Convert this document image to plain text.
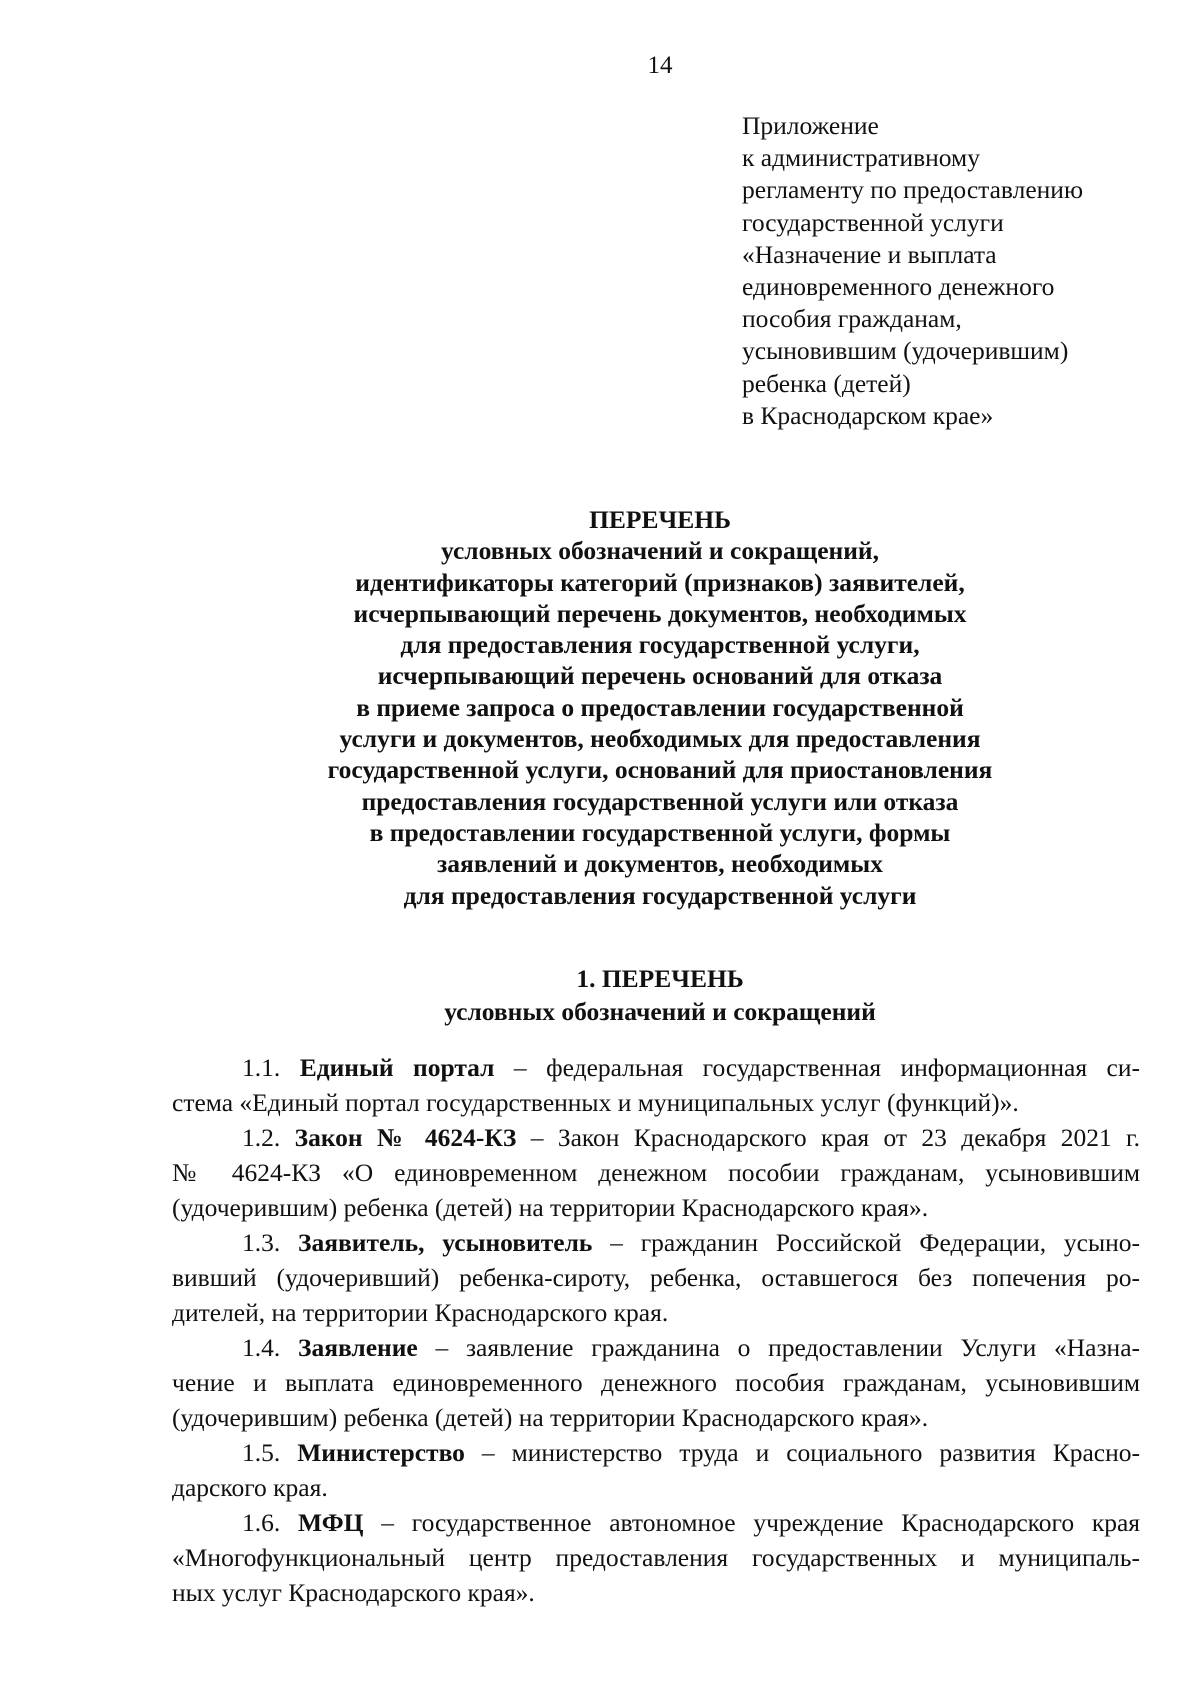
14
Приложение
к административному
регламенту по предоставлению
государственной услуги
«Назначение и выплата
единовременного денежного
пособия гражданам,
усыновившим (удочерившим)
ребенка (детей)
в Краснодарском крае»
ПЕРЕЧЕНЬ
условных обозначений и сокращений,
идентификаторы категорий (признаков) заявителей,
исчерпывающий перечень документов, необходимых
для предоставления государственной услуги,
исчерпывающий перечень оснований для отказа
в приеме запроса о предоставлении государственной
услуги и документов, необходимых для предоставления
государственной услуги, оснований для приостановления
предоставления государственной услуги или отказа
в предоставлении государственной услуги, формы
заявлений и документов, необходимых
для предоставления государственной услуги
1. ПЕРЕЧЕНЬ
условных обозначений и сокращений
1.1. Единый портал – федеральная государственная информационная си-
стема «Единый портал государственных и муниципальных услуг (функций)».
1.2. Закон № 4624-КЗ – Закон Краснодарского края от 23 декабря 2021 г.
№ 4624-КЗ «О единовременном денежном пособии гражданам, усыновившим
(удочерившим) ребенка (детей) на территории Краснодарского края».
1.3. Заявитель, усыновитель – гражданин Российской Федерации, усыно-
вивший (удочеривший) ребенка-сироту, ребенка, оставшегося без попечения ро-
дителей, на территории Краснодарского края.
1.4. Заявление – заявление гражданина о предоставлении Услуги «Назна-
чение и выплата единовременного денежного пособия гражданам, усыновившим
(удочерившим) ребенка (детей) на территории Краснодарского края».
1.5. Министерство – министерство труда и социального развития Красно-
дарского края.
1.6. МФЦ – государственное автономное учреждение Краснодарского края
«Многофункциональный центр предоставления государственных и муниципаль-
ных услуг Краснодарского края».
